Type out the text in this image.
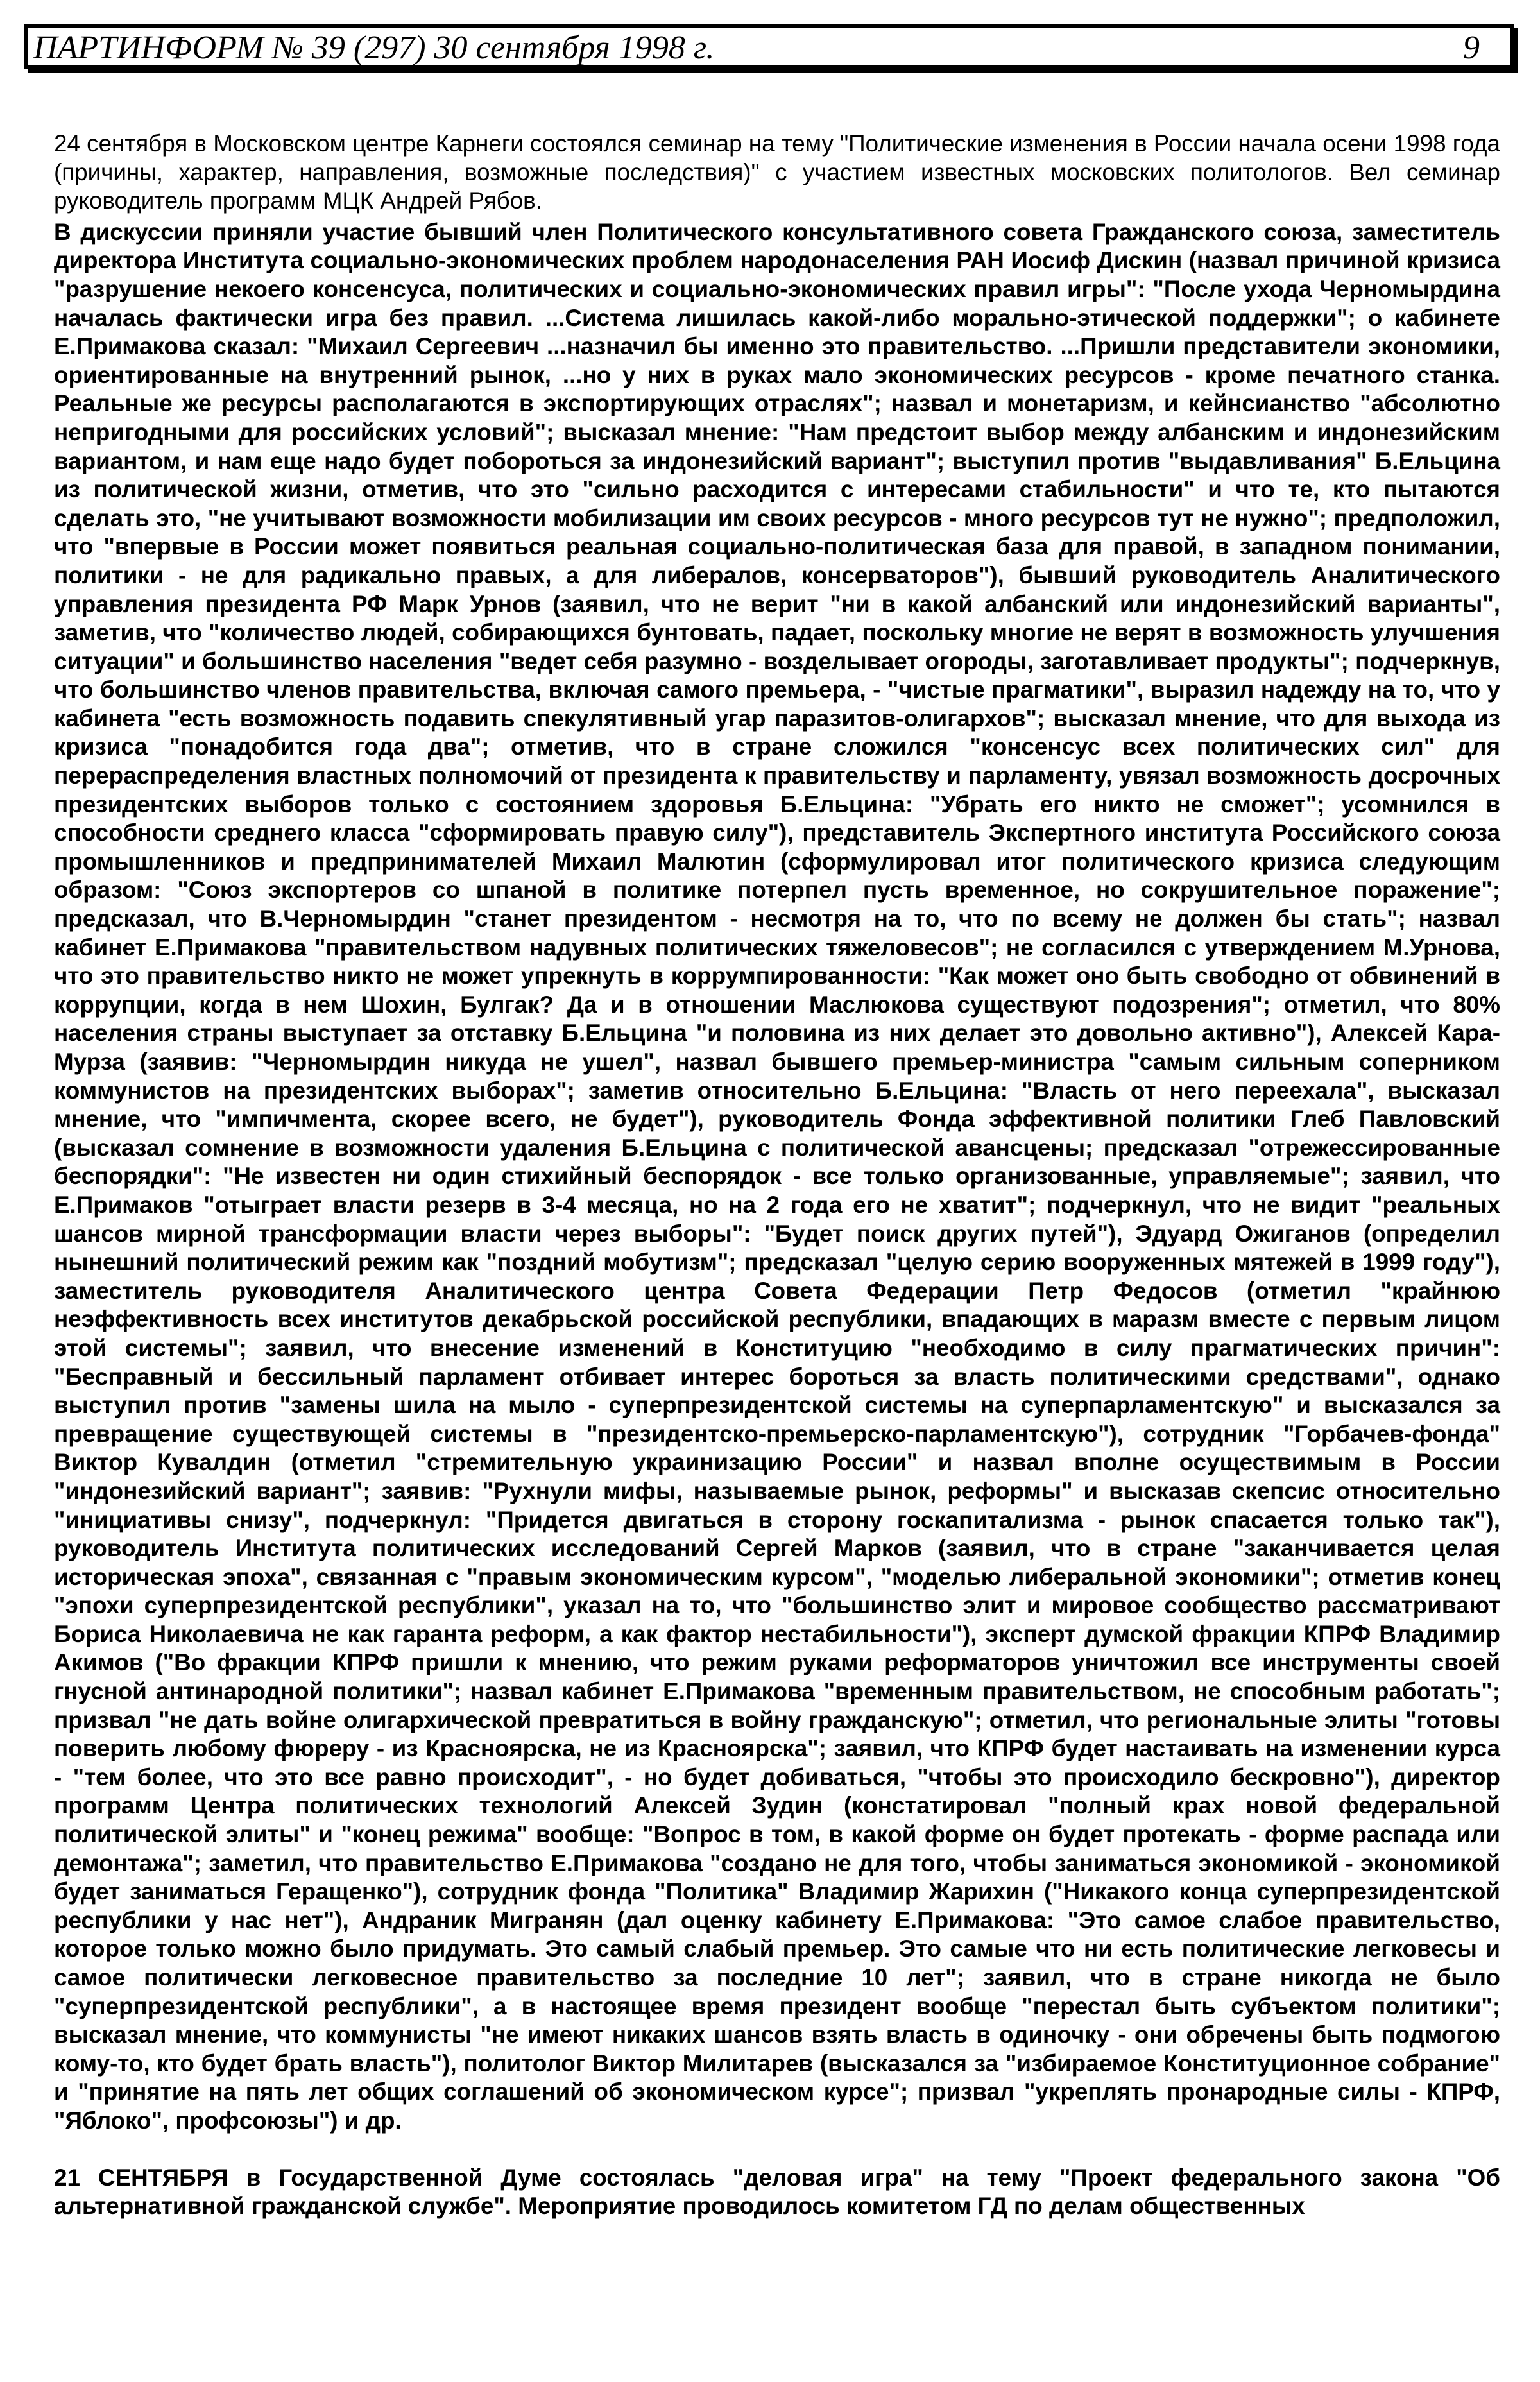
ПАРТИНФОРМ № 39 (297) 30 сентября 1998 г.	9

24 сентября в Московском центре Карнеги состоялся семинар на тему "Политические изменения в России начала осени 1998 года (причины, характер, направления, возможные последствия)" с участием известных московских политологов. Вел семинар руководитель программ МЦК Андрей Рябов.

В дискуссии приняли участие бывший член Политического консультативного совета Гражданского союза, заместитель директора Института социально-экономических проблем народонаселения РАН Иосиф Дискин (назвал причиной кризиса "разрушение некоего консенсуса, политических и социально-экономических правил игры": "После ухода Черномырдина началась фактически игра без правил. ...Система лишилась какой-либо морально-этической поддержки"; о кабинете Е.Примакова сказал: "Михаил Сергеевич ...назначил бы именно это правительство. ...Пришли представители экономики, ориентированные на внутренний рынок, ...но у них в руках мало экономических ресурсов - кроме печатного станка. Реальные же ресурсы располагаются в экспортирующих отраслях"; назвал и монетаризм, и кейнсианство "абсолютно непригодными для российских условий"; высказал мнение: "Нам предстоит выбор между албанским и индонезийским вариантом, и нам еще надо будет побороться за индонезийский вариант"; выступил против "выдавливания" Б.Ельцина из политической жизни, отметив, что это "сильно расходится с интересами стабильности" и что те, кто пытаются сделать это, "не учитывают возможности мобилизации им своих ресурсов - много ресурсов тут не нужно"; предположил, что "впервые в России может появиться реальная социально-политическая база для правой, в западном понимании, политики - не для радикально правых, а для либералов, консерваторов"), бывший руководитель Аналитического управления президента РФ Марк Урнов (заявил, что не верит "ни в какой албанский или индонезийский варианты", заметив, что "количество людей, собирающихся бунтовать, падает, поскольку многие не верят в возможность улучшения ситуации" и большинство населения "ведет себя разумно - возделывает огороды, заготавливает продукты"; подчеркнув, что большинство членов правительства, включая самого премьера, - "чистые прагматики", выразил надежду на то, что у кабинета "есть возможность подавить спекулятивный угар паразитов-олигархов"; высказал мнение, что для выхода из кризиса "понадобится года два"; отметив, что в стране сложился "консенсус всех политических сил" для перераспределения властных полномочий от президента к правительству и парламенту, увязал возможность досрочных президентских выборов только с состоянием здоровья Б.Ельцина: "Убрать его никто не сможет"; усомнился в способности среднего класса "сформировать правую силу"), представитель Экспертного института Российского союза промышленников и предпринимателей Михаил Малютин (сформулировал итог политического кризиса следующим образом: "Союз экспортеров со шпаной в политике потерпел пусть временное, но сокрушительное поражение"; предсказал, что В.Черномырдин "станет президентом - несмотря на то, что по всему не должен бы стать"; назвал кабинет Е.Примакова "правительством надувных политических тяжеловесов"; не согласился с утверждением М.Урнова, что это правительство никто не может упрекнуть в коррумпированности: "Как может оно быть свободно от обвинений в коррупции, когда в нем Шохин, Булгак? Да и в отношении Маслюкова существуют подозрения"; отметил, что 80% населения страны выступает за отставку Б.Ельцина "и половина из них делает это довольно активно"), Алексей Кара-Мурза (заявив: "Черномырдин никуда не ушел", назвал бывшего премьер-министра "самым сильным соперником коммунистов на президентских выборах"; заметив относительно Б.Ельцина: "Власть от него переехала", высказал мнение, что "импичмента, скорее всего, не будет"), руководитель Фонда эффективной политики Глеб Павловский (высказал сомнение в возможности удаления Б.Ельцина с политической авансцены; предсказал "отрежессированные беспорядки": "Не известен ни один стихийный беспорядок - все только организованные, управляемые"; заявил, что Е.Примаков "отыграет власти резерв в 3-4 месяца, но на 2 года его не хватит"; подчеркнул, что не видит "реальных шансов мирной трансформации власти через выборы": "Будет поиск других путей"), Эдуард Ожиганов (определил нынешний политический режим как "поздний мобутизм"; предсказал "целую серию вооруженных мятежей в 1999 году"), заместитель руководителя Аналитического центра Совета Федерации Петр Федосов (отметил "крайнюю неэффективность всех институтов декабрьской российской республики, впадающих в маразм вместе с первым лицом этой системы"; заявил, что внесение изменений в Конституцию "необходимо в силу прагматических причин": "Бесправный и бессильный парламент отбивает интерес бороться за власть политическими средствами", однако выступил против "замены шила на мыло - суперпрезидентской системы на суперпарламентскую" и высказался за превращение существующей системы в "президентско-премьерско-парламентскую"), сотрудник "Горбачев-фонда" Виктор Кувалдин (отметил "стремительную украинизацию России" и назвал вполне осуществимым в России "индонезийский вариант"; заявив: "Рухнули мифы, называемые рынок, реформы" и высказав скепсис относительно "инициативы снизу", подчеркнул: "Придется двигаться в сторону госкапитализма - рынок спасается только так"), руководитель Института политических исследований Сергей Марков (заявил, что в стране "заканчивается целая историческая эпоха", связанная с "правым экономическим курсом", "моделью либеральной экономики"; отметив конец "эпохи суперпрезидентской республики", указал на то, что "большинство элит и мировое сообщество рассматривают Бориса Николаевича не как гаранта реформ, а как фактор нестабильности"), эксперт думской фракции КПРФ Владимир Акимов ("Во фракции КПРФ пришли к мнению, что режим руками реформаторов уничтожил все инструменты своей гнусной антинародной политики"; назвал кабинет Е.Примакова "временным правительством, не способным работать"; призвал "не дать войне олигархической превратиться в войну гражданскую"; отметил, что региональные элиты "готовы поверить любому фюреру - из Красноярска, не из Красноярска"; заявил, что КПРФ будет настаивать на изменении курса - "тем более, что это все равно происходит", - но будет добиваться, "чтобы это происходило бескровно"), директор программ Центра политических технологий Алексей Зудин (констатировал "полный крах новой федеральной политической элиты" и "конец режима" вообще: "Вопрос в том, в какой форме он будет протекать - форме распада или демонтажа"; заметил, что правительство Е.Примакова "создано не для того, чтобы заниматься экономикой - экономикой будет заниматься Геращенко"), сотрудник фонда "Политика" Владимир Жарихин ("Никакого конца суперпрезидентской республики у нас нет"), Андраник Мигранян (дал оценку кабинету Е.Примакова: "Это самое слабое правительство, которое только можно было придумать. Это самый слабый премьер. Это самые что ни есть политические легковесы и самое политически легковесное правительство за последние 10 лет"; заявил, что в стране никогда не было "суперпрезидентской республики", а в настоящее время президент вообще "перестал быть субъектом политики"; высказал мнение, что коммунисты "не имеют никаких шансов взять власть в одиночку - они обречены быть подмогою кому-то, кто будет брать власть"), политолог Виктор Милитарев (высказался за "избираемое Конституционное собрание" и "принятие на пять лет общих соглашений об экономическом курсе"; призвал "укреплять пронародные силы - КПРФ, "Яблоко", профсоюзы") и др.

21 СЕНТЯБРЯ в Государственной Думе состоялась "деловая игра" на тему "Проект федерального закона "Об альтернативной гражданской службе". Мероприятие проводилось комитетом ГД по делам общественных
